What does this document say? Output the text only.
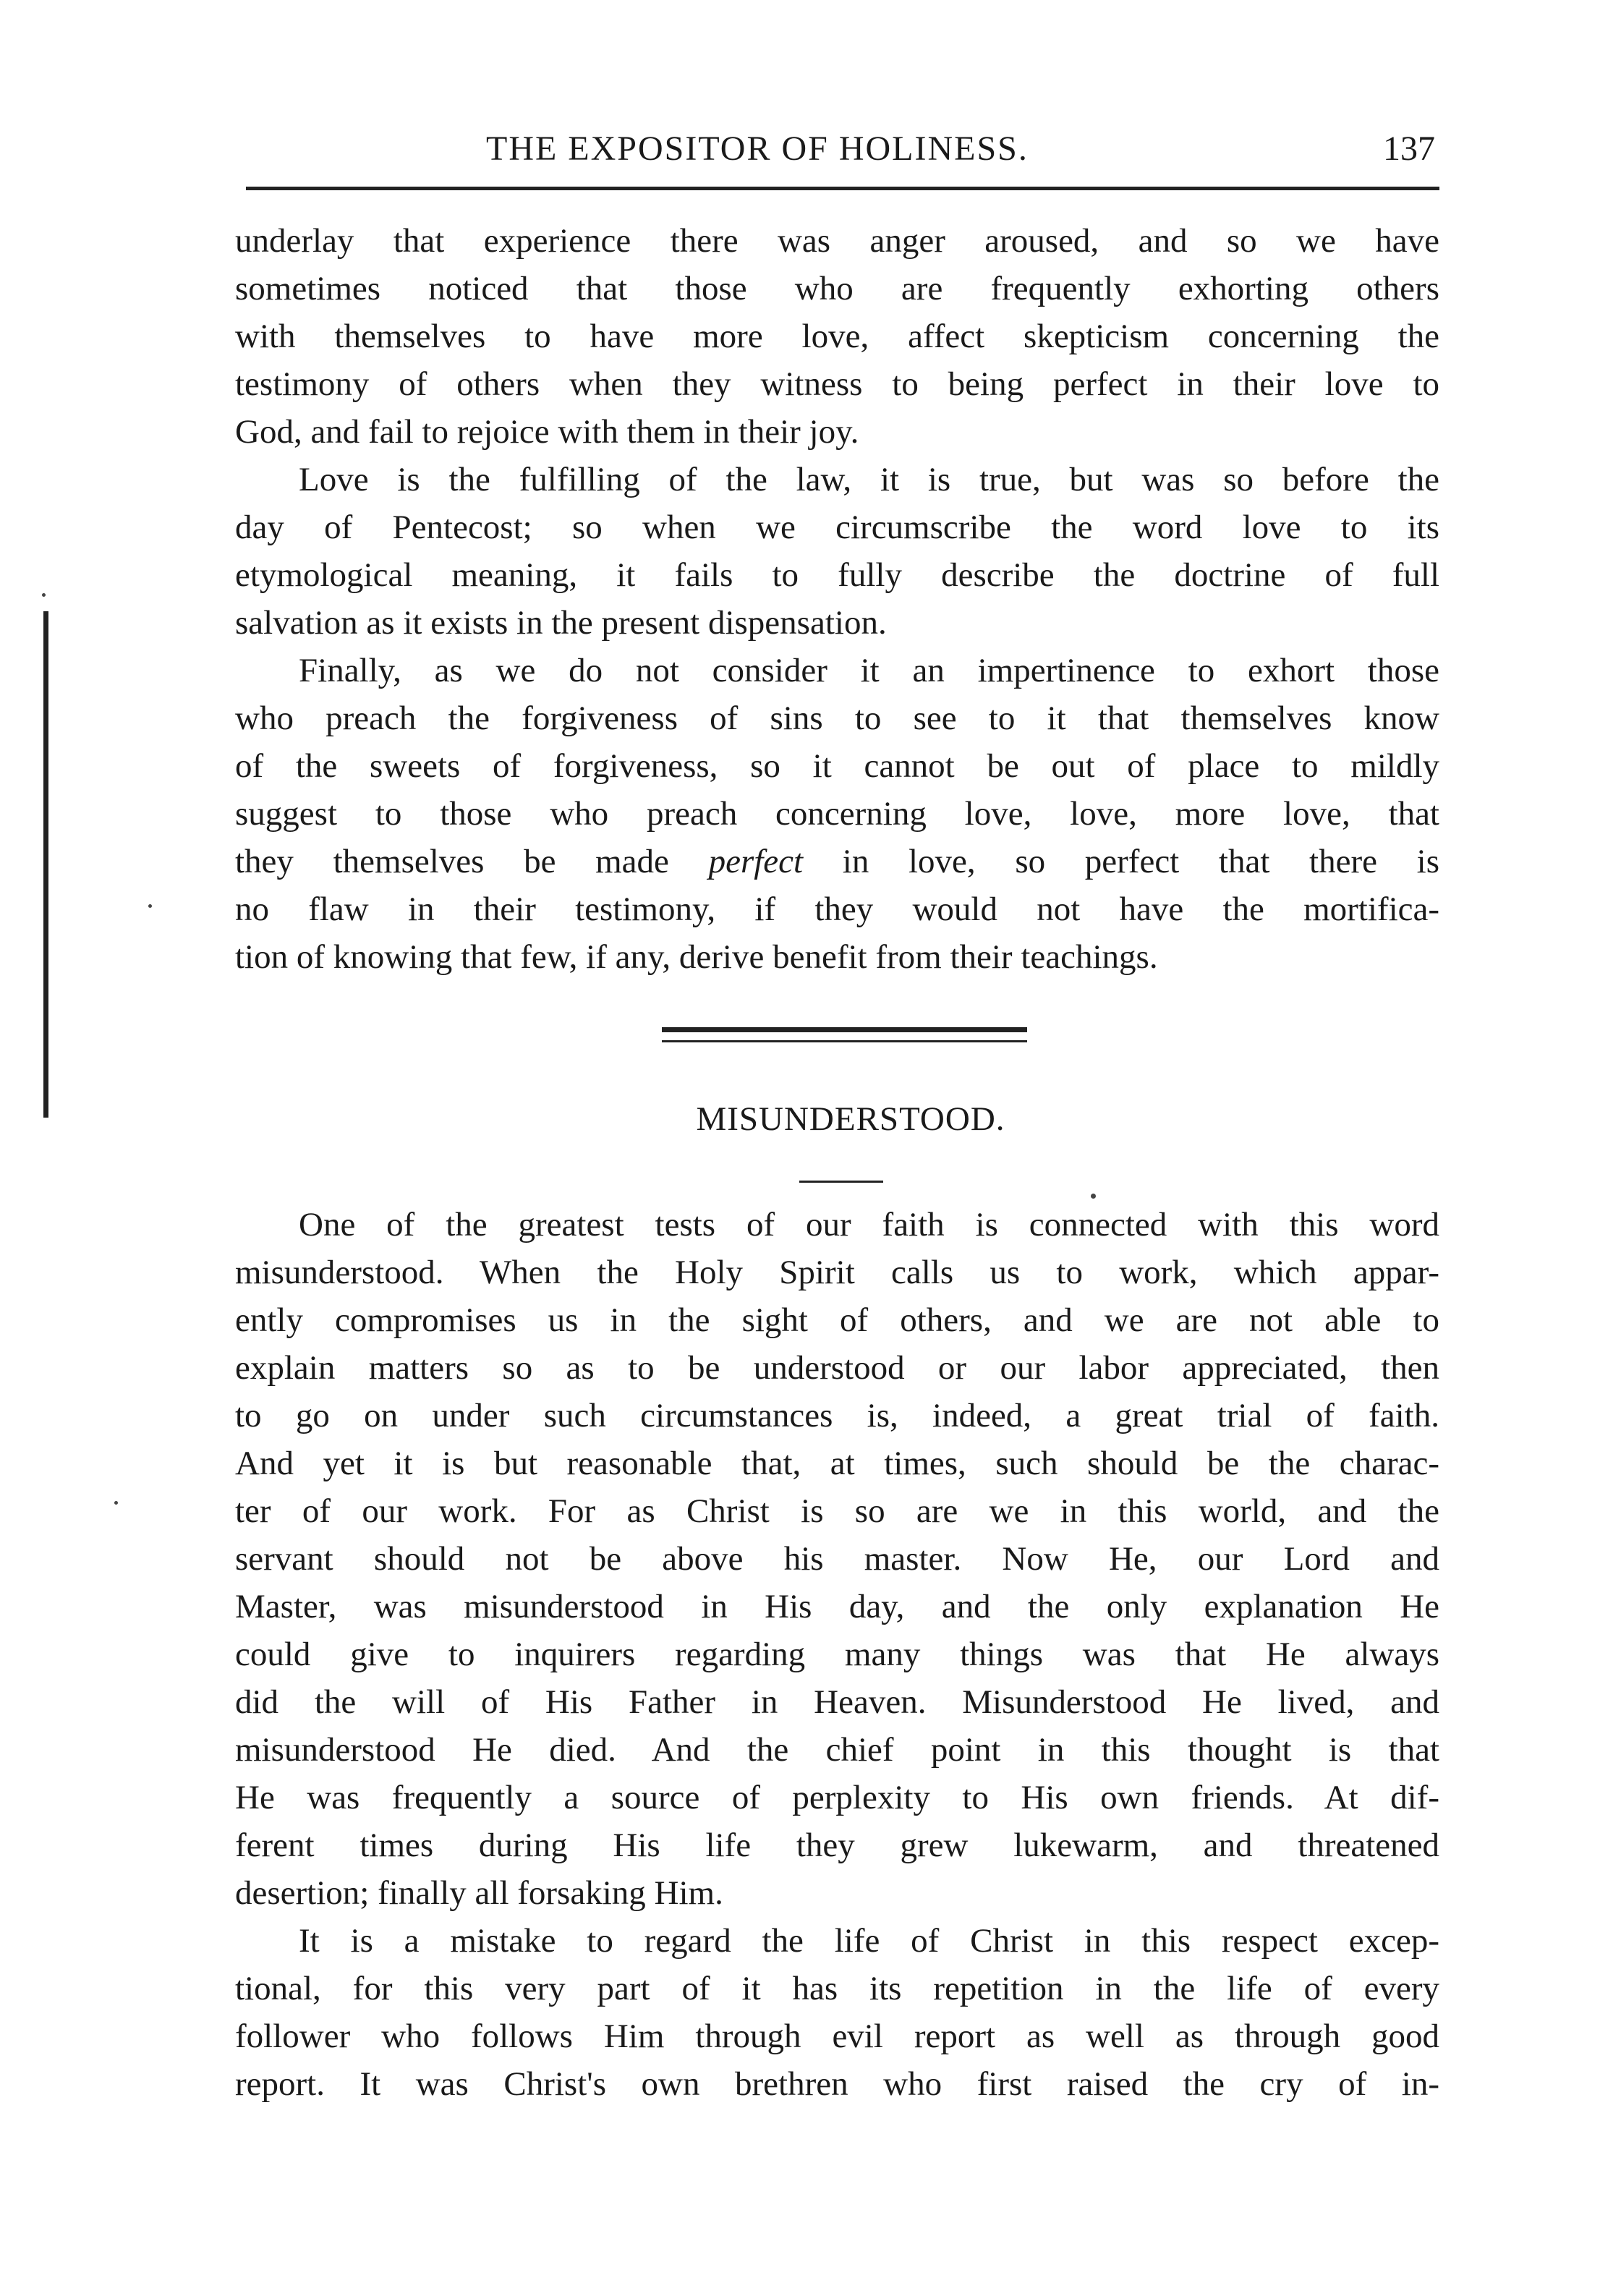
THE EXPOSITOR OF HOLINESS.	137
underlay that experience there was anger aroused, and so we have
sometimes noticed that those who are frequently exhorting others
with themselves to have more love, affect skepticism concerning the
testimony of others when they witness to being perfect in their love to
God, and fail to rejoice with them in their joy.
Love is the fulfilling of the law, it is true, but was so before the
day of Pentecost; so when we circumscribe the word love to its
etymological meaning, it fails to fully describe the doctrine of full
salvation as it exists in the present dispensation.
Finally, as we do not consider it an impertinence to exhort those
who preach the forgiveness of sins to see to it that themselves know
of the sweets of forgiveness, so it cannot be out of place to mildly
suggest to those who preach concerning love, love, more love, that
they themselves be made perfect in love, so perfect that there is
no flaw in their testimony, if they would not have the mortifica-
tion of knowing that few, if any, derive benefit from their teachings.
MISUNDERSTOOD.
One of the greatest tests of our faith is connected with this word
misunderstood. When the Holy Spirit calls us to work, which appar-
ently compromises us in the sight of others, and we are not able to
explain matters so as to be understood or our labor appreciated, then
to go on under such circumstances is, indeed, a great trial of faith.
And yet it is but reasonable that, at times, such should be the charac-
ter of our work. For as Christ is so are we in this world, and the
servant should not be above his master. Now He, our Lord and
Master, was misunderstood in His day, and the only explanation He
could give to inquirers regarding many things was that He always
did the will of His Father in Heaven. Misunderstood He lived, and
misunderstood He died. And the chief point in this thought is that
He was frequently a source of perplexity to His own friends. At dif-
ferent times during His life they grew lukewarm, and threatened
desertion; finally all forsaking Him.
It is a mistake to regard the life of Christ in this respect excep-
tional, for this very part of it has its repetition in the life of every
follower who follows Him through evil report as well as through good
report. It was Christ's own brethren who first raised the cry of in-
